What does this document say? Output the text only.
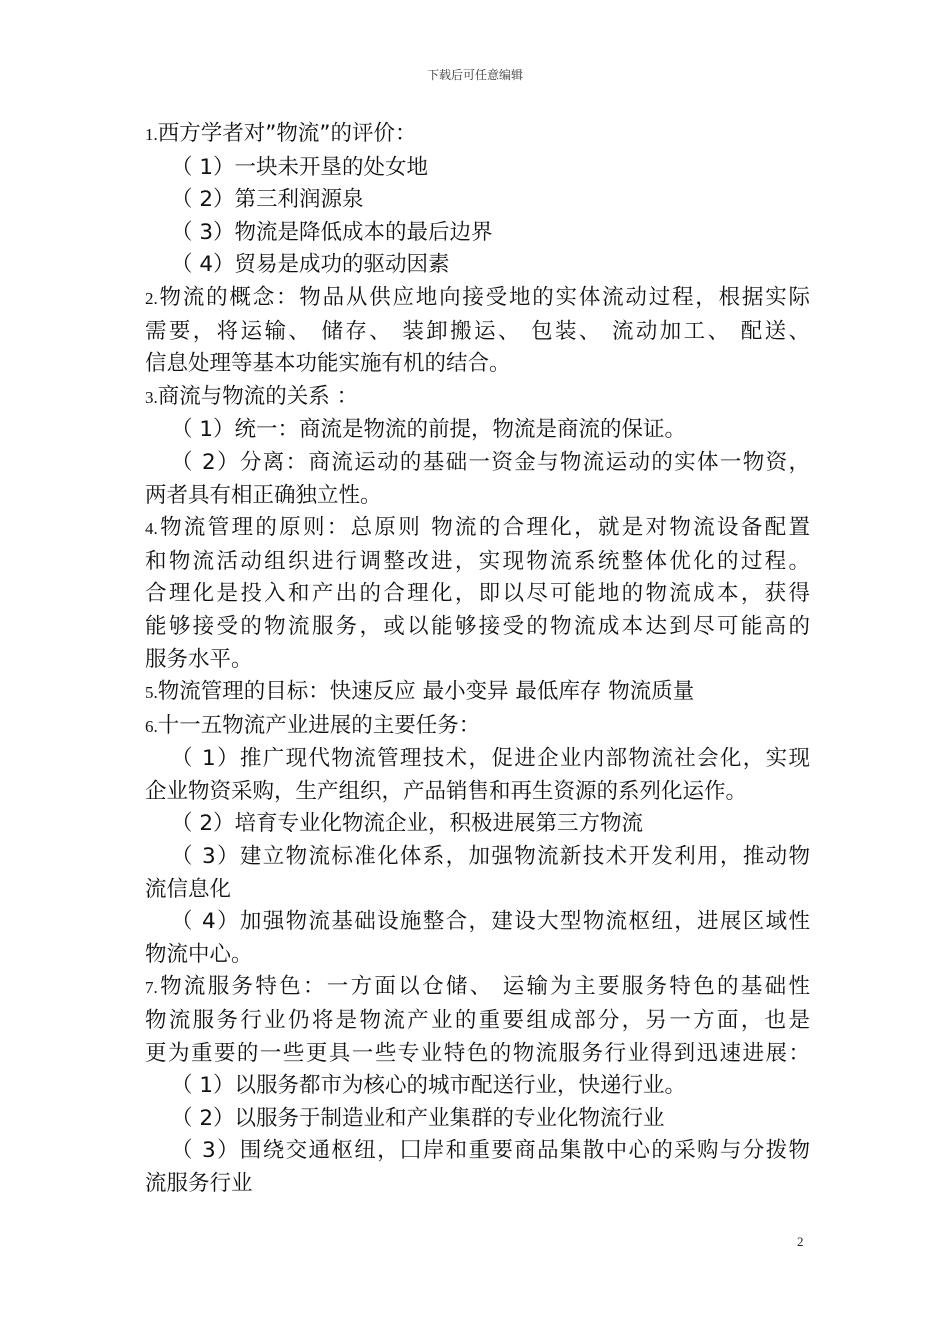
下载后可任意编辑
1.西方学者对”物流”的评价：
（ 1）一块未开垦的处女地
（ 2）第三利润源泉
（ 3）物流是降低成本的最后边界
（ 4）贸易是成功的驱动因素
2.物流的概念：物品从供应地向接受地的实体流动过程，根据实际
需要，将运输、 储存、 装卸搬运、 包装、 流动加工、 配送、
信息处理等基本功能实施有机的结合。
3.商流与物流的关系 ：
（ 1）统一：商流是物流的前提，物流是商流的保证。
（ 2）分离：商流运动的基础一资金与物流运动的实体一物资，
两者具有相正确独立性。
4.物流管理的原则：总原则 物流的合理化，就是对物流设备配置
和物流活动组织进行调整改进，实现物流系统整体优化的过程。
合理化是投入和产出的合理化，即以尽可能地的物流成本，获得
能够接受的物流服务，或以能够接受的物流成本达到尽可能高的
服务水平。
5.物流管理的目标：快速反应 最小变异 最低库存 物流质量
6.十一五物流产业进展的主要任务：
（ 1）推广现代物流管理技术，促进企业内部物流社会化，实现
企业物资采购，生产组织，产品销售和再生资源的系列化运作。
（ 2）培育专业化物流企业，积极进展第三方物流
（ 3）建立物流标准化体系，加强物流新技术开发利用，推动物
流信息化
（ 4）加强物流基础设施整合，建设大型物流枢纽，进展区域性
物流中心。
7.物流服务特色：一方面以仓储、 运输为主要服务特色的基础性
物流服务行业仍将是物流产业的重要组成部分，另一方面，也是
更为重要的一些更具一些专业特色的物流服务行业得到迅速进展：
（ 1）以服务都市为核心的城市配送行业，快递行业。
（ 2）以服务于制造业和产业集群的专业化物流行业
（ 3）围绕交通枢纽，囗岸和重要商品集散中心的采购与分拨物
流服务行业
2
